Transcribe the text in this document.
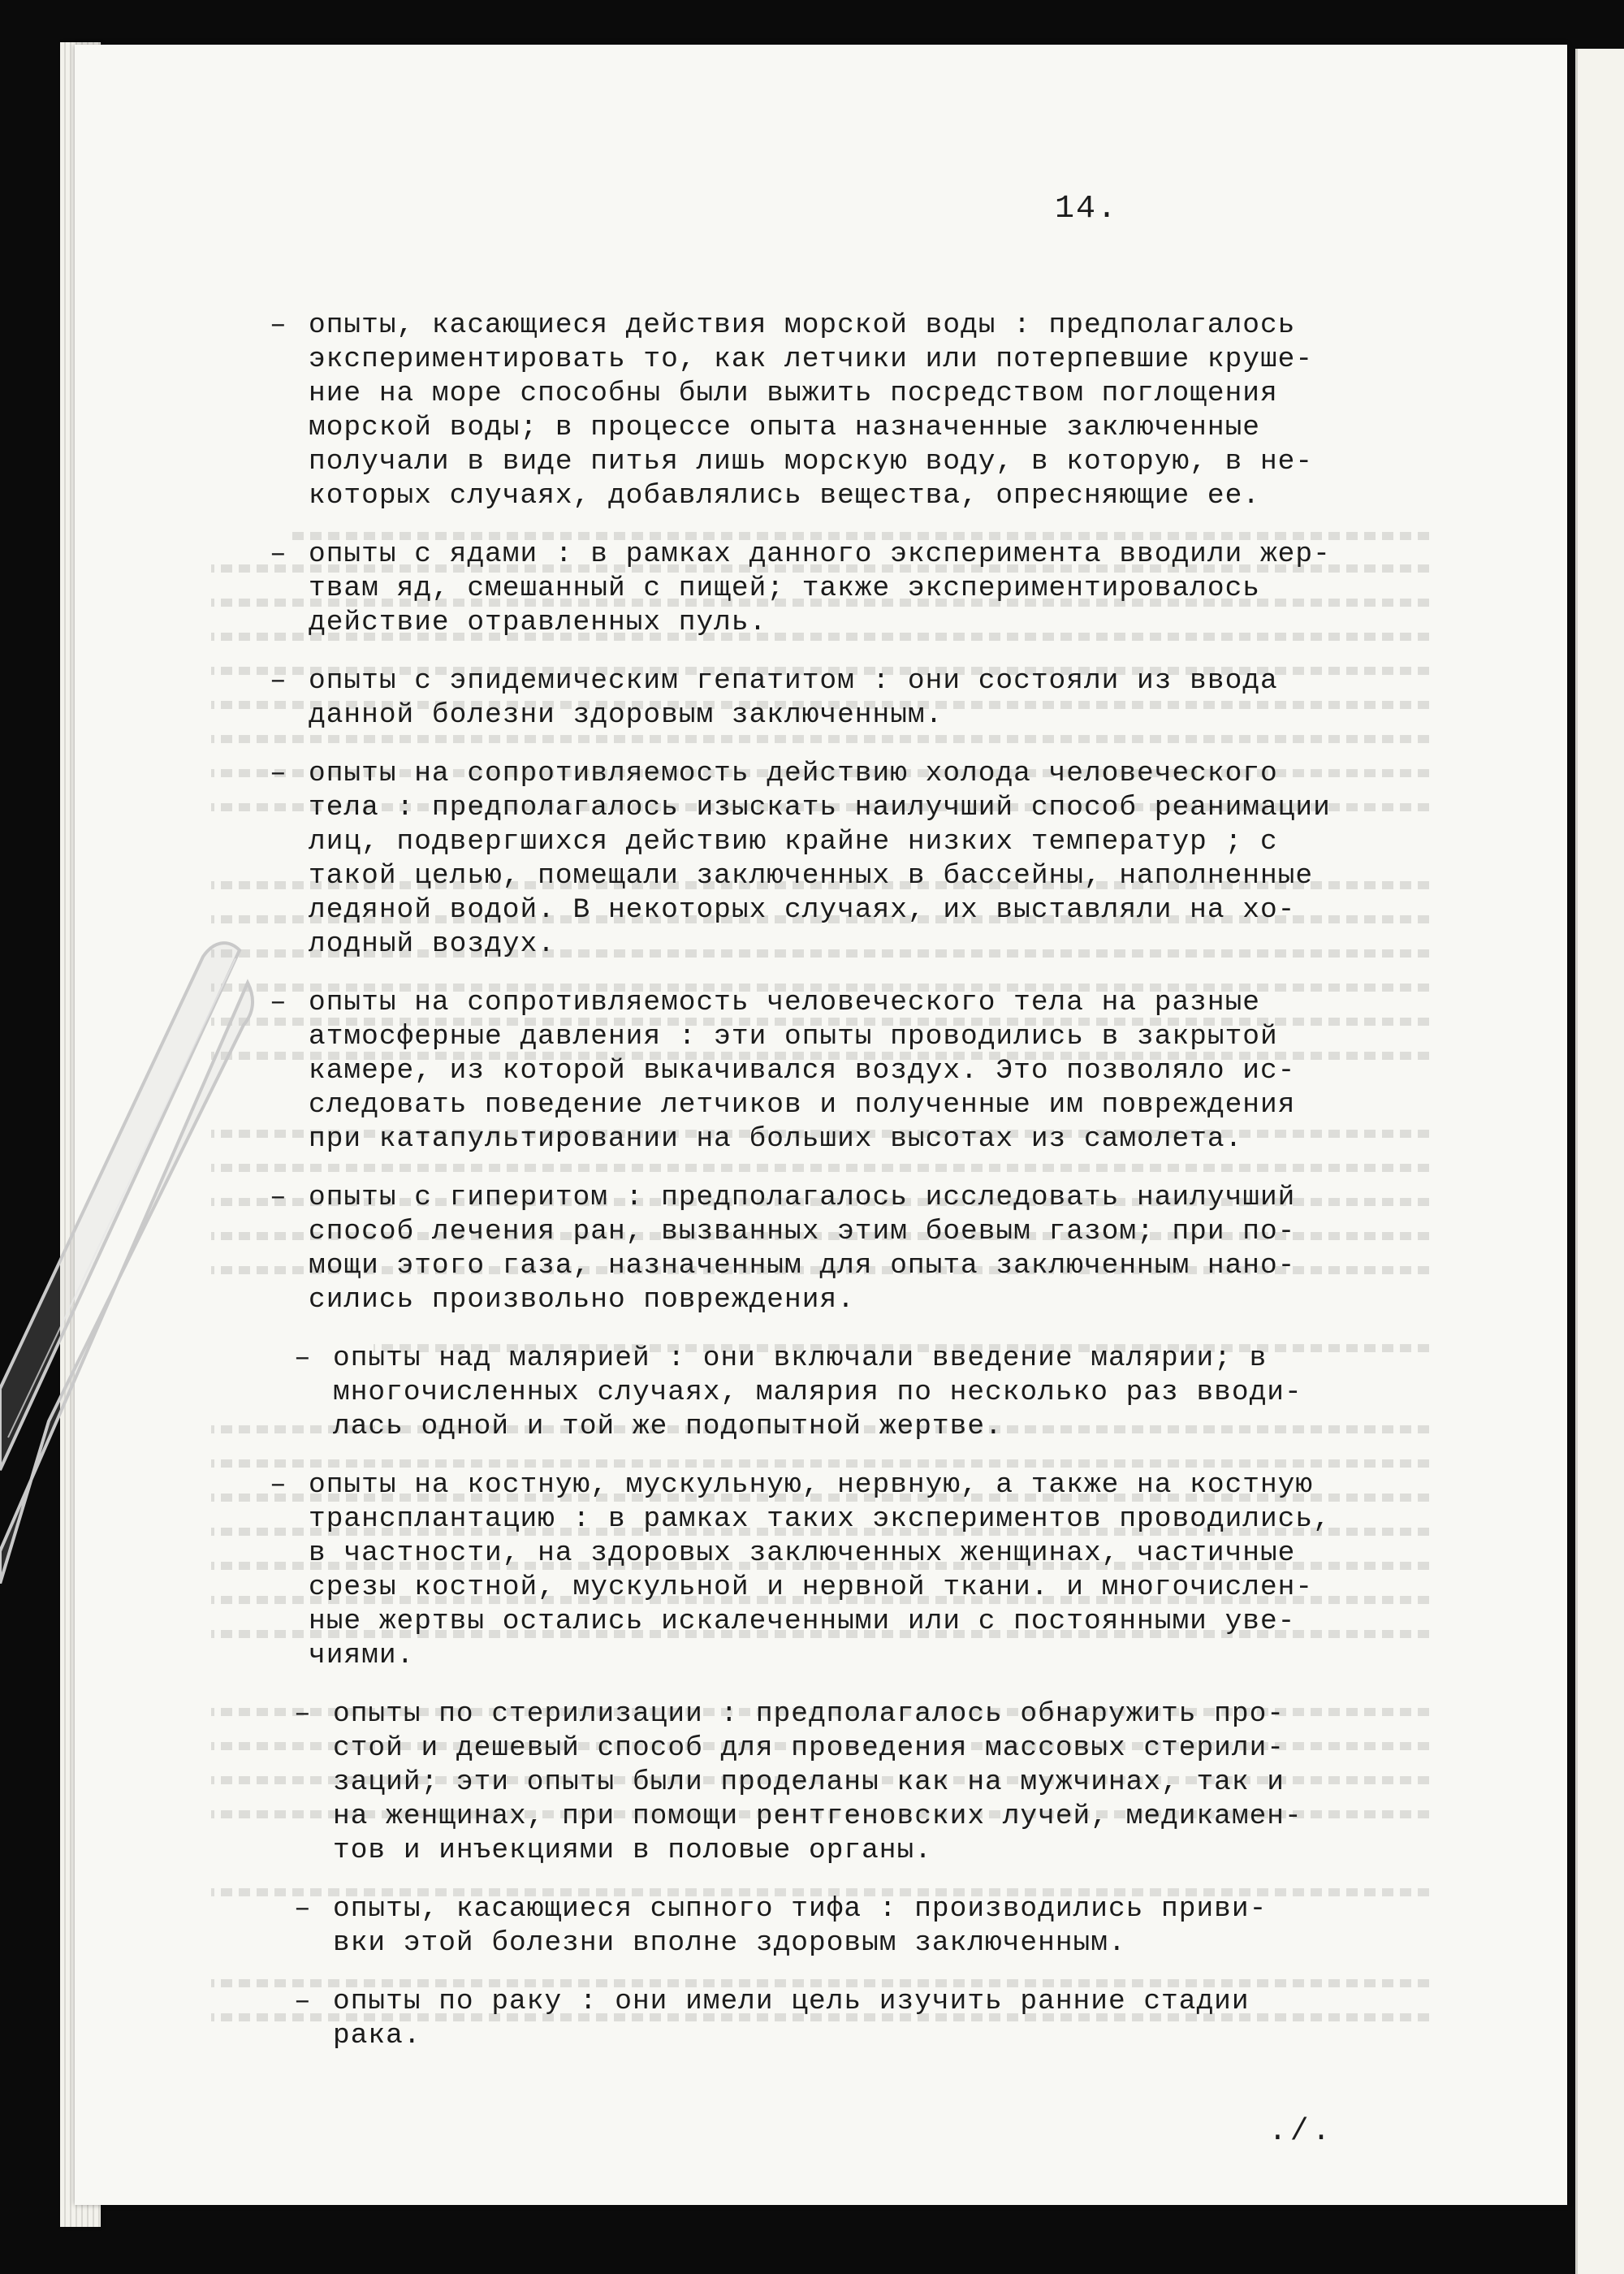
14.
– опыты, касающиеся действия морской воды : предполагалось
экспериментировать то, как летчики или потерпевшие круше-
ние на море способны были выжить посредством поглощения
морской воды; в процессе опыта назначенные заключенные
получали в виде питья лишь морскую воду, в которую, в не-
которых случаях, добавлялись вещества, опресняющие ее.
– опыты с ядами : в рамках данного эксперимента вводили жер-
твам яд, смешанный с пищей; также экспериментировалось
действие отравленных пуль.
– опыты с эпидемическим гепатитом : они состояли из ввода
данной болезни здоровым заключенным.
– опыты на сопротивляемость действию холода человеческого
тела : предполагалось изыскать наилучший способ реанимации
лиц, подвергшихся действию крайне низких температур ; с
такой целью, помещали заключенных в бассейны, наполненные
ледяной водой. В некоторых случаях, их выставляли на хо-
лодный воздух.
– опыты на сопротивляемость человеческого тела на разные
атмосферные давления : эти опыты проводились в закрытой
камере, из которой выкачивался воздух. Это позволяло ис-
следовать поведение летчиков и полученные им повреждения
при катапультировании на больших высотах из самолета.
– опыты с гиперитом : предполагалось исследовать наилучший
способ лечения ран, вызванных этим боевым газом; при по-
мощи этого газа, назначенным для опыта заключенным нано-
сились произвольно повреждения.
– опыты над малярией : они включали введение малярии; в
многочисленных случаях, малярия по несколько раз вводи-
лась одной и той же подопытной жертве.
– опыты на костную, мускульную, нервную, а также на костную
трансплантацию : в рамках таких экспериментов проводились,
в частности, на здоровых заключенных женщинах, частичные
срезы костной, мускульной и нервной ткани. и многочислен-
ные жертвы остались искалеченными или с постоянными уве-
чиями.
– опыты по стерилизации : предполагалось обнаружить про-
стой и дешевый способ для проведения массовых стерили-
заций; эти опыты были проделаны как на мужчинах, так и
на женщинах, при помощи рентгеновских лучей, медикамен-
тов и инъекциями в половые органы.
– опыты, касающиеся сыпного тифа : производились приви-
вки этой болезни вполне здоровым заключенным.
– опыты по раку : они имели цель изучить ранние стадии
рака.
./.
